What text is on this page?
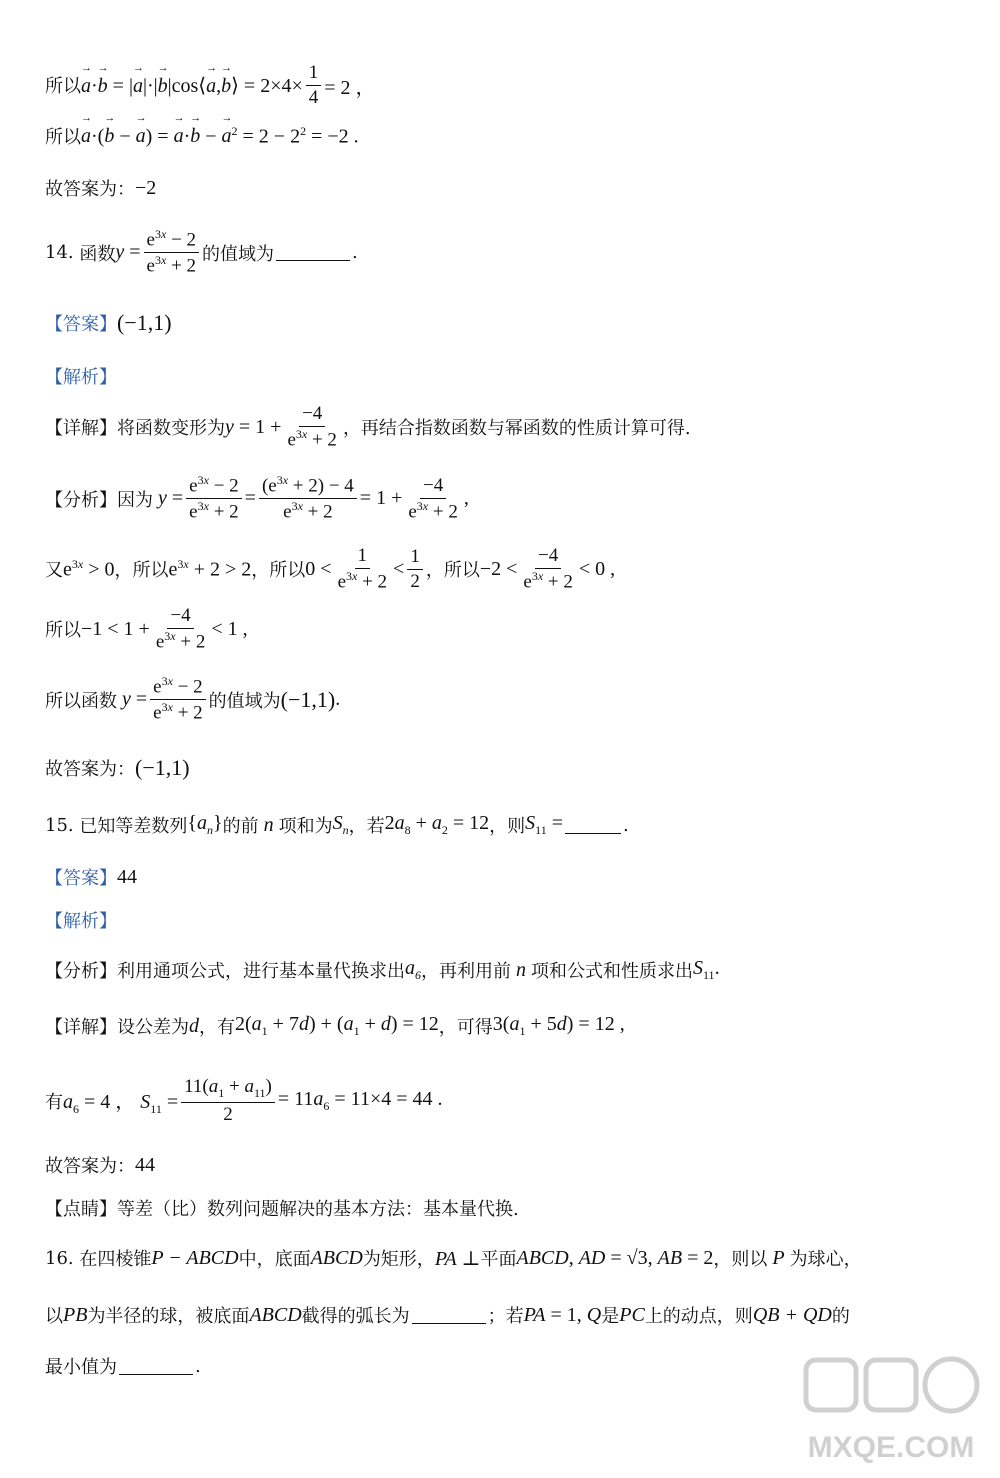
所以 → a·→ b = |→ a|·|→ b|cos⟨→ a,→ b⟩ = $2\times 4\times \frac{1}{4} = 2$ ，
所以 → a·(→ b − → a) = → a·→ b − → $a^2 = 2 - 2^2 = -2$ .
故答案为： −2
14.
函数 $y = \frac{e^{3x} - 2}{e^{3x} + 2}$ 的值域为	.
【答案】 (−1,1)
【解析】
【详解】 将函数变形为 $y = 1 + \frac{-4}{e^{3x} + 2}$ ，再结合指数函数与幂函数的性质计算可得.
【分析】 因为 $y = \frac{e^{3x} - 2}{e^{3x} + 2} = \frac{(e^{3x} + 2) - 4}{e^{3x} + 2} = 1 + \frac{-4}{e^{3x} + 2}$ ,
又 $e^{3x} > 0$ ，所以 $e^{3x} + 2 > 2$ ，所以 $0 < \frac{1}{e^{3x} + 2} < \frac{1}{2}$ ，所以 $-2 < \frac{-4}{e^{3x} + 2} < 0$ ,
所以 $-1 < 1 + \frac{-4}{e^{3x} + 2} < 1$ ,
所以函数 $y = \frac{e^{3x} - 2}{e^{3x} + 2}$ 的值域为 (−1,1) .
故答案为： (−1,1)
15.
已知等差数列 $\{a_n\}$ 的前 n 项和为 $S_n$ ，若 $2a_8 + a_2 = 12$ ，则 $S_{11}$ =	.
【答案】 44
【解析】
【分析】 利用通项公式，进行基本量代换求出 $a_6$ ，再利用前 n 项和公式和性质求出 $S_{11}$.
【详解】 设公差为 d ，有 $2(a_1 + 7d) + (a_1 + d) = 12$ ，可得 $3(a_1 + 5d) = 12$ ,
有 $a_6 = 4$ ， $S_{11} = \frac{11(a_1 + a_{11})}{2} = 11a_6 = 11\times 4 = 44$ .
故答案为： 44
【点睛】 等差（比）数列问题解决的基本方法：基本量代换.
16.
在四棱锥 P − ABCD 中，底面 ABCD 为矩形， PA ⊥ 平面 ABCD, AD = √3, AB = 2 ，则以 P 为球心，
以 PB 为半径的球，被底面 ABCD 截得的弧长为	；若 PA = 1, Q 是 PC 上的动点，则 QB + QD 的
最小值为	.
MXQE.COM
